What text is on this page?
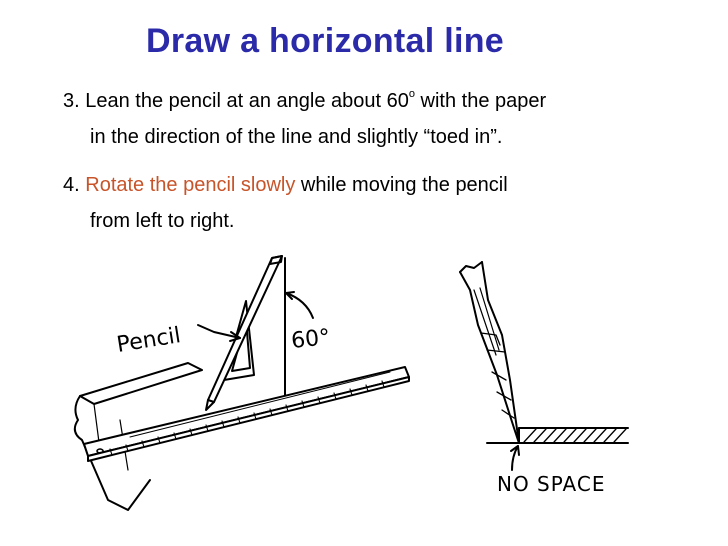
Draw a horizontal line
3. Lean the pencil at an angle about 60$^o$ with the paper
in the direction of the line and slightly “toed in”.
4. Rotate the pencil slowly while moving the pencil
from left to right.
Pencil	60°
NO SPACE
